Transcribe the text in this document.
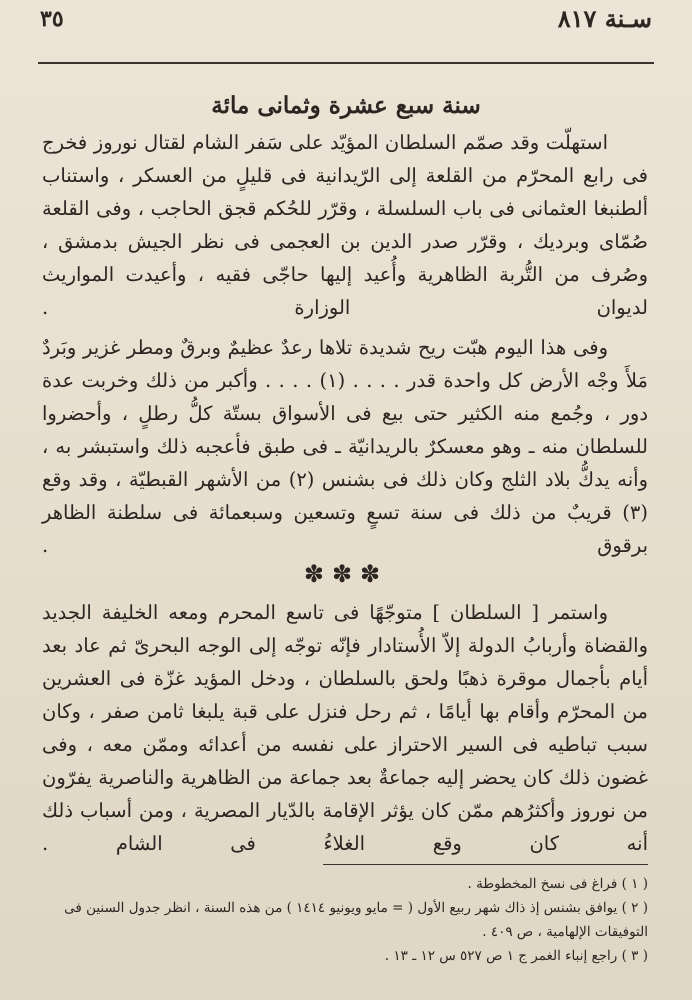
سـنة ٨١٧
٣٥
سنة سبع عشرة وثمانى مائة
استهلّت وقد صمّم السلطان المؤيّد على سَفر الشام لقتال نوروز فخرج فى رابع المحرّم من القلعة إلى الرّيدانية فى قليلٍ من العسكر ، واستناب ألطنبغا العثمانى فى باب السلسلة ، وقرّر للحُكم قجق الحاجب ، وفى القلعة صُمّاى وبرديك ، وقرّر صدر الدين بن العجمى فى نظر الجيش بدمشق ، وصُرف من التُّربة الظاهرية وأُعيد إليها حاجّى فقيه ، وأعيدت المواريث لديوان الوزارة .
وفى هذا اليوم هبّت ريح شديدة تلاها رعدٌ عظيمٌ وبرقٌ ومطر غزير وبَردٌ مَلأَ وجْه الأرض كل واحدة قدر . . . . (١) . . . . وأكبر من ذلك وخربت عدة دور ، وجُمع منه الكثير حتى بيع فى الأسواق بستّة كلُّ رطلٍ ، وأحضروا للسلطان منه ـ وهو معسكرٌ بالريدانيّة ـ فى طبق فأعجبه ذلك واستبشر به ، وأنه يدكُّ بلاد الثلج وكان ذلك فى بشنس (٢) من الأشهر القبطيّة ، وقد وقع (٣) قريبٌ من ذلك فى سنة تسعٍ وتسعين وسبعمائة فى سلطنة الظاهر برقوق .
✽✽✽
واستمر [ السلطان ] متوجّهًا فى تاسع المحرم ومعه الخليفة الجديد والقضاة وأربابُ الدولة إلاّ الأُستادار فإنّه توجّه إلى الوجه البحرىّ ثم عاد بعد أيام بأجمال موقرة ذهبًا ولحق بالسلطان ، ودخل المؤيد غزّة فى العشرين من المحرّم وأقام بها أيامًا ، ثم رحل فنزل على قبة يلبغا ثامن صفر ، وكان سبب تباطيه فى السير الاحتراز على نفسه من أعدائه وممّن معه ، وفى غضون ذلك كان يحضر إليه جماعةٌ بعد جماعة من الظاهرية والناصرية يفرّون من نوروز وأكثرُهم ممّن كان يؤثر الإقامة بالدّيار المصرية ، ومن أسباب ذلك أنه كان وقع الغلاءُ فى الشام .

( ١ ) فراغ فى نسخ المخطوطة .

( ٢ ) يوافق بشنس إذ ذاك شهر ربيع الأول ( = مايو ويونيو ١٤١٤ ) من هذه السنة ، انظر جدول السنين فى التوفيقات الإلهامية ، ص ٤٠٩ .

( ٣ ) راجع إنباء الغمر ج ١ ص ٥٢٧ س ١٢ ـ ١٣ .
